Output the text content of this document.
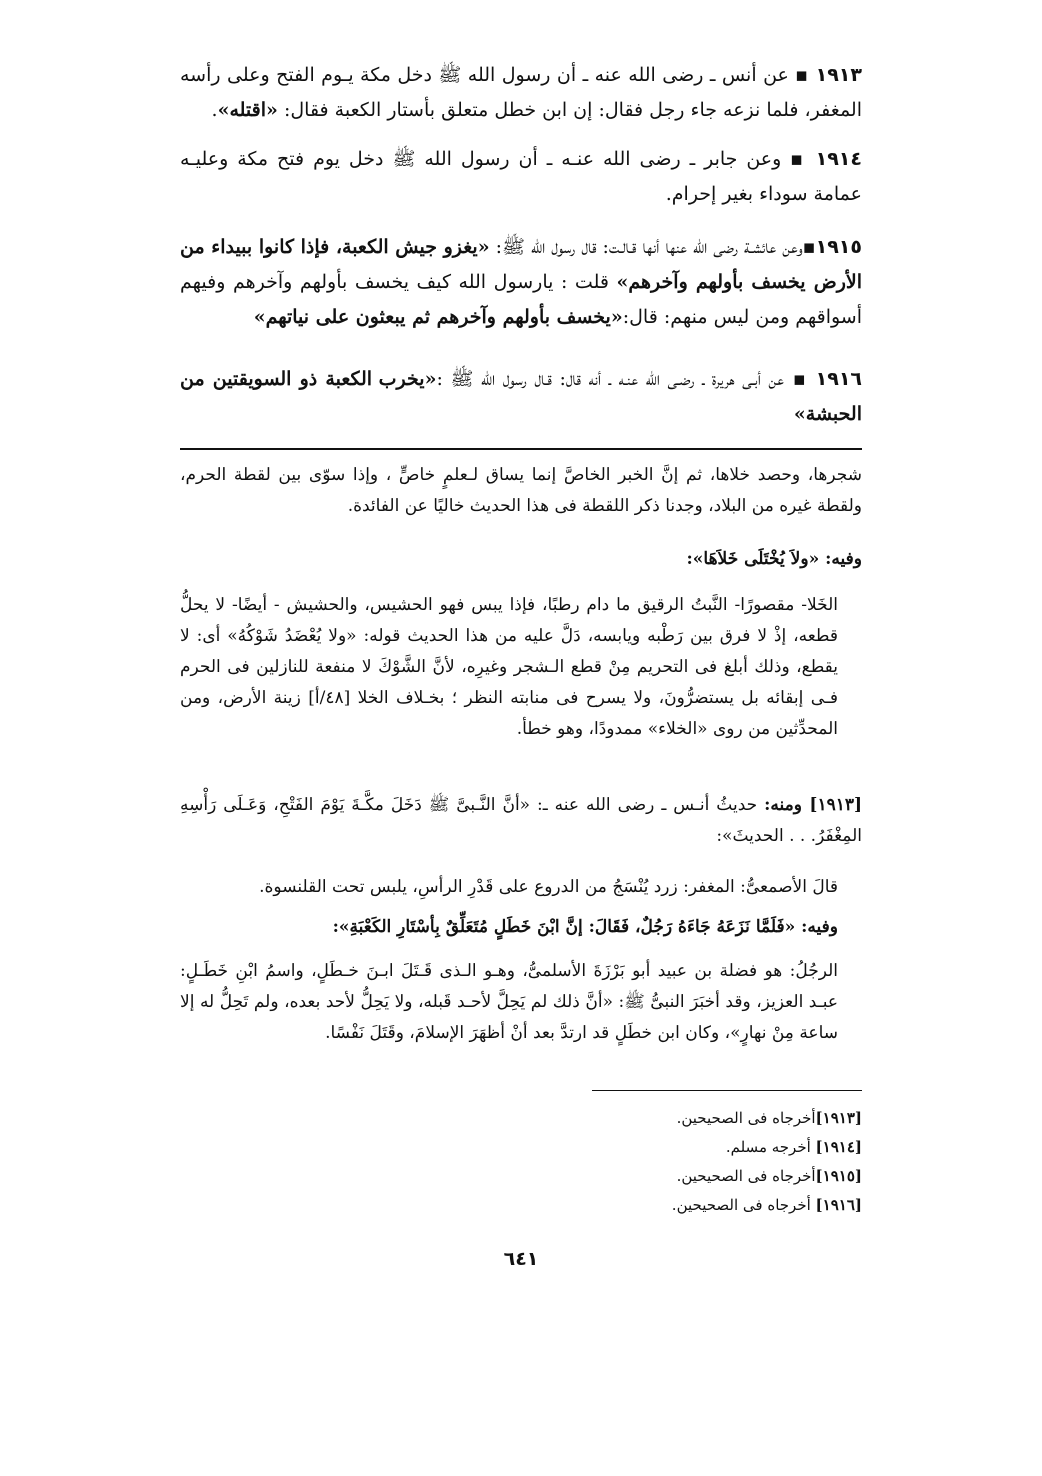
١٩١٣ ▪ عن أنس ـ رضى الله عنه ـ أن رسول الله ﷺ دخل مكة يـوم الفتح وعلى رأسه المغفر، فلما نزعه جاء رجل فقال: إن ابن خطل متعلق بأستار الكعبة فقال: «اقتله».
١٩١٤ ▪ وعن جابر ـ رضى الله عنـه ـ أن رسول الله ﷺ دخل يوم فتح مكة وعليـه عمامة سوداء بغير إحرام.
١٩١٥▪وعن عائشـة رضى الله عنها أنها قـالـت: قال رسول الله ﷺ: «يغزو جيش الكعبة، فإذا كانوا ببيداء من الأرض يخسف بأولهم وآخرهم» قلت : يارسول الله كيف يخسف بأولهم وآخرهم وفيهم أسواقهم ومن ليس منهم: قال:«يخسف بأولهم وآخرهم ثم يبعثون على نياتهم»
١٩١٦ ▪ عن أبـى هريرة ـ رضـى الله عنـه ـ أنه قال: قـال رسول الله ﷺ :«يخرب الكعبة ذو السويقتين من الحبشة»
شجرها، وحصد خلاها، ثم إنَّ الخبر الخاصَّ إنما يساق لـعلمٍ خاصٍّ ، وإذا سوّى بين لقطة الحرم، ولقطة غيره من البلاد، وجدنا ذكر اللقطة فى هذا الحديث خاليًا عن الفائدة.
وفيه: «ولاَ يُخْتَلَى خَلاَهَا»:
الخَلا- مقصورًا- النَّبتُ الرقيق ما دام رطبًا، فإذا يبس فهو الحشيس، والحشيش - أيضًا- لا يحلُّ قطعه، إذْ لا فرق بين رَطْبه ويابسه، دَلَّ عليه من هذا الحديث قوله: «ولا يُعْضَدُ شَوْكُهُ» أى: لا يقطع، وذلك أبلغ فى التحريم مِنْ قطع الـشجر وغيرِه، لأنَّ الشَّوْكَ لا منفعة للنازلين فى الحرم فـى إبقائه بل يستضرُّونَ، ولا يسرح فى منابته النظر ؛ بخـلاف الخلا [٤٨/أ] زينة الأرض، ومن المحدِّثين من روى «الخلاء» ممدودًا، وهو خطأ.
[١٩١٣] ومنه: حديثُ أنـس ـ رضى الله عنه ـ: «أنَّ النَّـبىَّ ﷺ دَخَلَ مكَّـةَ يَوْمَ الفَتْحِ، وَعَـلَى رَأْسِهِ المِغْفَرُ. . . الحديثَ»:
قالَ الأصمعىُّ: المغفر: زرد يُنْسَجُ من الدروع على قَدْرِ الرأسِ، يلبس تحت القلنسوة.
وفيه: «فَلَمَّا نَزَعَهُ جَاءَهُ رَجُلٌ، فَقَالَ: إنَّ ابْنَ خَطَلٍ مُتَعَلِّقٌ بِأسْتَارِ الكَعْبَةِ»:
الرجُلُ: هو فضلة بن عبيد أبو بَرْزَةَ الأسلمىُّ، وهـو الـذى قَـتَلَ ابـنَ خـطَلٍ، واسمُ ابْنِ خَطَـلٍ: عبـد العزيز، وقد أخبَرَ النبىُّ ﷺ: «أنَّ ذلك لم يَحِلَّ لأحـد قَبله، ولا يَحِلُّ لأحد بعده، ولم تَحِلُّ له إلا ساعة مِنْ نهارٍ»، وكان ابن خطَلٍ قد ارتدَّ بعد أنْ أظهَرَ الإسلامَ، وقَتَلَ نَفْسًا.
[١٩١٣]أخرجاه فى الصحيحين.
[١٩١٤] أخرجه مسلم.
[١٩١٥]أخرجاه فى الصحيحين.
[١٩١٦] أخرجاه فى الصحيحين.
٦٤١
